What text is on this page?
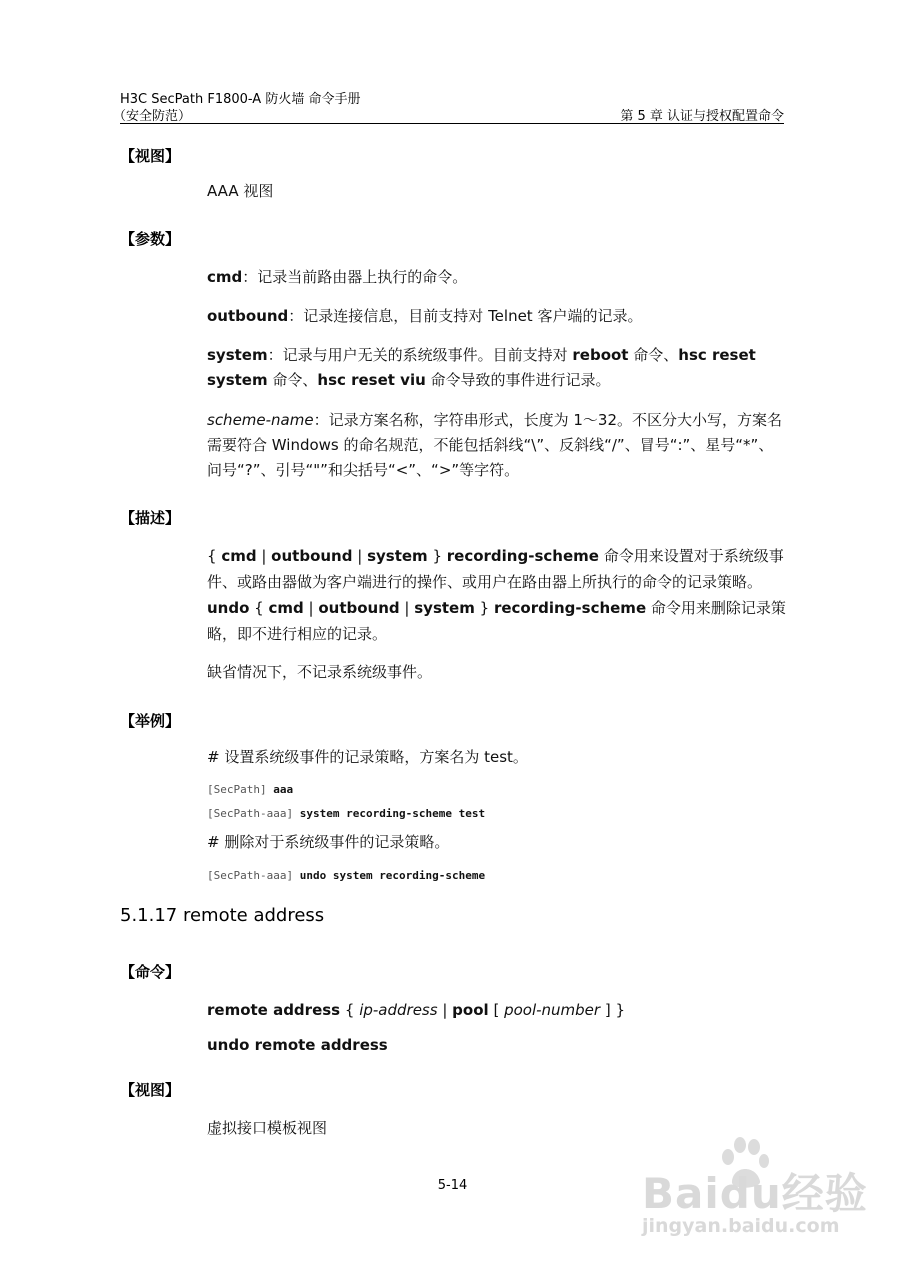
H3C SecPath F1800-A 防火墙 命令手册
（安全防范）	第 5 章 认证与授权配置命令
【视图】
AAA 视图
【参数】
cmd：记录当前路由器上执行的命令。
outbound：记录连接信息，目前支持对 Telnet 客户端的记录。
system：记录与用户无关的系统级事件。目前支持对 reboot 命令、hsc reset system 命令、hsc reset viu 命令导致的事件进行记录。
scheme-name：记录方案名称，字符串形式，长度为 1～32。不区分大小写，方案名需要符合 Windows 的命名规范，不能包括斜线“\”、反斜线“/”、冒号“:”、星号“*”、问号“?”、引号“"”和尖括号“<”、“>”等字符。
【描述】
{ cmd | outbound | system } recording-scheme 命令用来设置对于系统级事件、或路由器做为客户端进行的操作、或用户在路由器上所执行的命令的记录策略。
undo { cmd | outbound | system } recording-scheme 命令用来删除记录策略，即不进行相应的记录。
缺省情况下，不记录系统级事件。
【举例】
# 设置系统级事件的记录策略，方案名为 test。
[SecPath] aaa
[SecPath-aaa] system recording-scheme test
# 删除对于系统级事件的记录策略。
[SecPath-aaa] undo system recording-scheme
5.1.17 remote address
【命令】
remote address { ip-address | pool [ pool-number ] }
undo remote address
【视图】
虚拟接口模板视图
5-14	Baidu经验
jingyan.baidu.com
